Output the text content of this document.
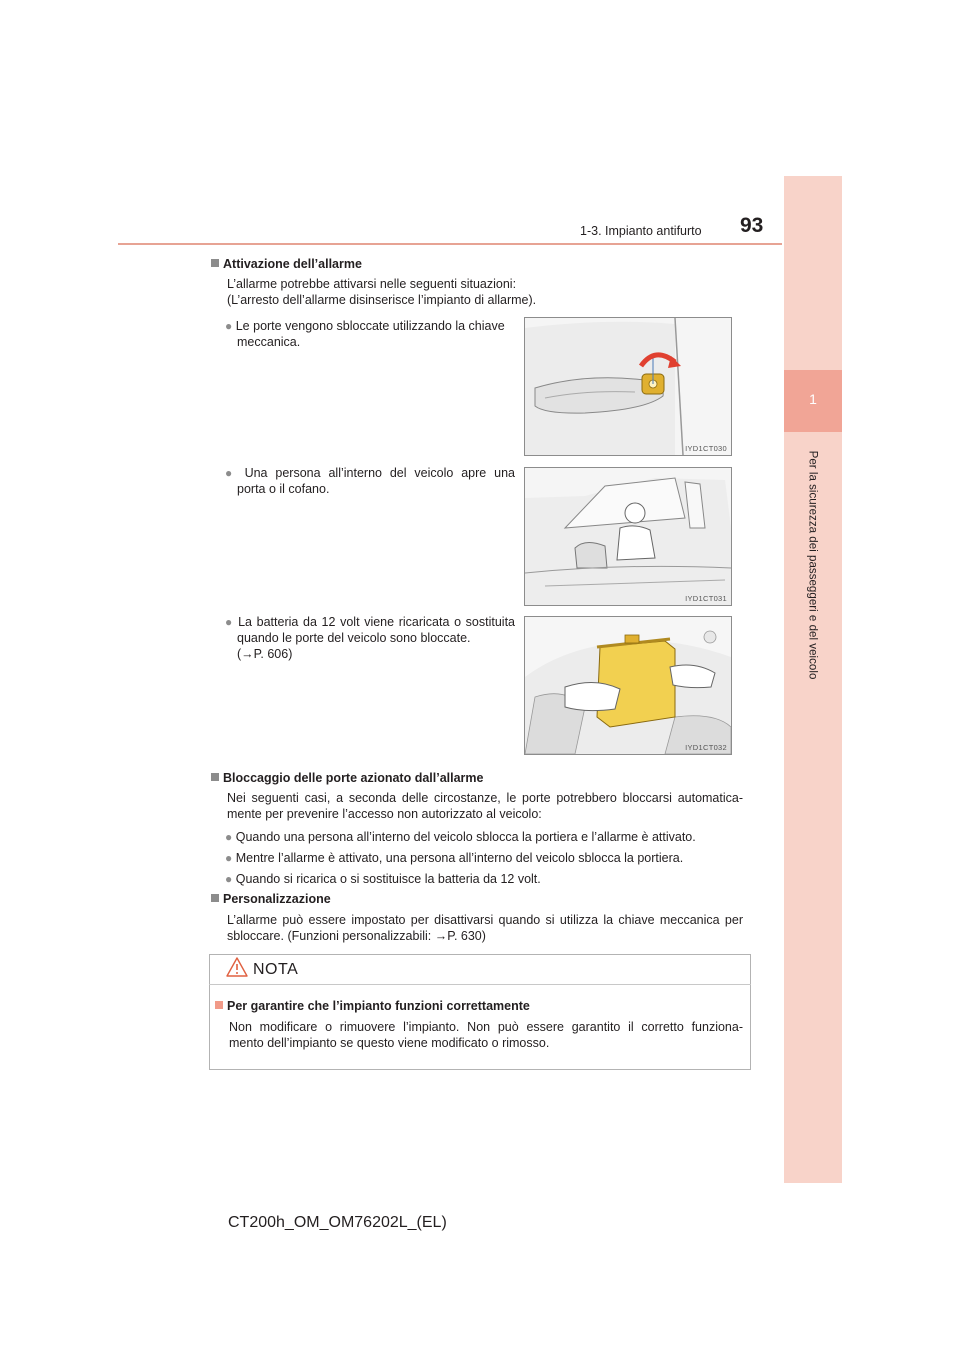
1-3. Impianto antifurto 93
1
Per la sicurezza dei passeggeri e del veicolo
Attivazione dell’allarme
L’allarme potrebbe attivarsi nelle seguenti situazioni:
(L’arresto dell’allarme disinserisce l’impianto di allarme).
● Le porte vengono sbloccate utilizzando la chiave
meccanica.
IYD1CT030
● Una persona all’interno del veicolo apre una
porta o il cofano.
IYD1CT031
● La batteria da 12 volt viene ricaricata o sostituita
quando le porte del veicolo sono bloccate.
(→P. 606)
IYD1CT032
Bloccaggio delle porte azionato dall’allarme
Nei seguenti casi, a seconda delle circostanze, le porte potrebbero bloccarsi automatica-
mente per prevenire l’accesso non autorizzato al veicolo:
● Quando una persona all’interno del veicolo sblocca la portiera e l’allarme è attivato.
● Mentre l’allarme è attivato, una persona all’interno del veicolo sblocca la portiera.
● Quando si ricarica o si sostituisce la batteria da 12 volt.
Personalizzazione
L’allarme può essere impostato per disattivarsi quando si utilizza la chiave meccanica per
sbloccare. (Funzioni personalizzabili: →P. 630)
NOTA
Per garantire che l’impianto funzioni correttamente
Non modificare o rimuovere l’impianto. Non può essere garantito il corretto funziona-
mento dell’impianto se questo viene modificato o rimosso.
CT200h_OM_OM76202L_(EL)
